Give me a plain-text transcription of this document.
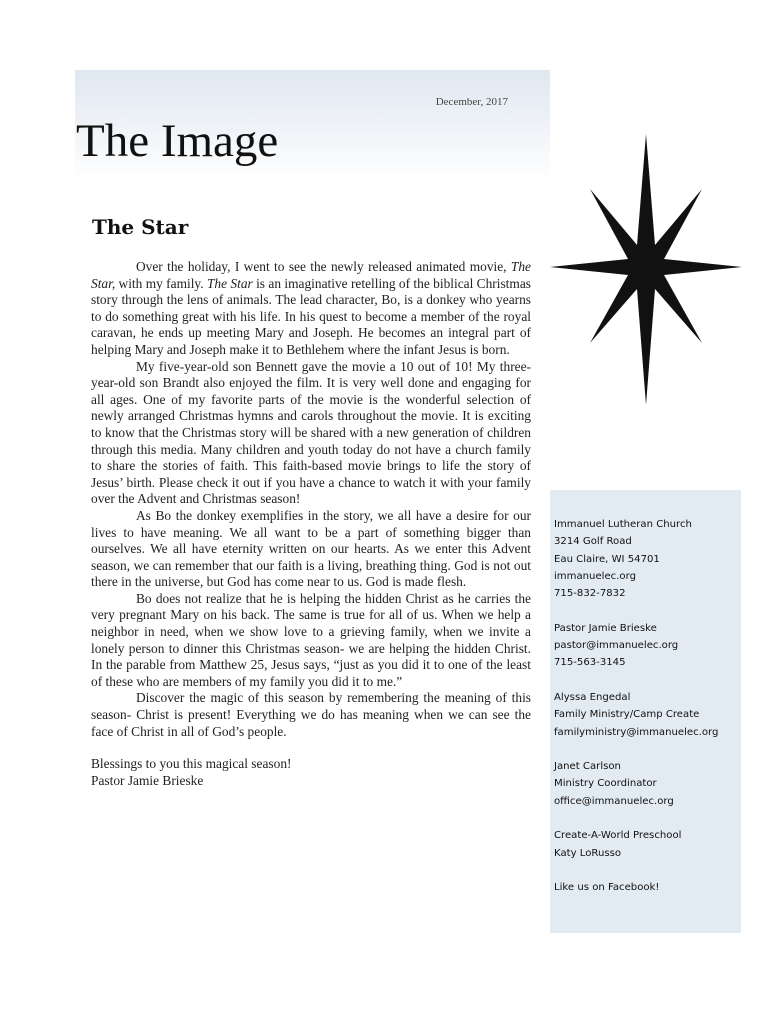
December, 2017
The Image
The Star

Over the holiday, I went to see the newly released animated movie, The Star, with my family. The Star is an imaginative retelling of the biblical Christmas story through the lens of animals. The lead character, Bo, is a donkey who yearns to do something great with his life. In his quest to become a member of the royal caravan, he ends up meeting Mary and Joseph. He becomes an integral part of helping Mary and Joseph make it to Bethlehem where the infant Jesus is born.

My five-year-old son Bennett gave the movie a 10 out of 10! My three-year-old son Brandt also enjoyed the film. It is very well done and engaging for all ages. One of my favorite parts of the movie is the wonderful selection of newly arranged Christmas hymns and carols throughout the movie. It is exciting to know that the Christmas story will be shared with a new generation of children through this media. Many children and youth today do not have a church family to share the stories of faith. This faith-based movie brings to life the story of Jesus’ birth. Please check it out if you have a chance to watch it with your family over the Advent and Christmas season!

As Bo the donkey exemplifies in the story, we all have a desire for our lives to have meaning. We all want to be a part of something bigger than ourselves. We all have eternity written on our hearts. As we enter this Advent season, we can remember that our faith is a living, breathing thing. God is not out there in the universe, but God has come near to us. God is made flesh.

Bo does not realize that he is helping the hidden Christ as he carries the very pregnant Mary on his back. The same is true for all of us. When we help a neighbor in need, when we show love to a grieving family, when we invite a lonely person to dinner this Christmas season- we are helping the hidden Christ. In the parable from Matthew 25, Jesus says, “just as you did it to one of the least of these who are members of my family you did it to me.”

Discover the magic of this season by remembering the meaning of this season- Christ is present! Everything we do has meaning when we can see the face of Christ in all of God’s people.

Blessings to you this magical season!
Pastor Jamie Brieske

Immanuel Lutheran Church
3214 Golf Road
Eau Claire, WI 54701
immanuelec.org
715-832-7832
Pastor Jamie Brieske
pastor@immanuelec.org
715-563-3145
Alyssa Engedal
Family Ministry/Camp Create
familyministry@immanuelec.org
Janet Carlson
Ministry Coordinator
office@immanuelec.org
Create-A-World Preschool
Katy LoRusso
Like us on Facebook!
